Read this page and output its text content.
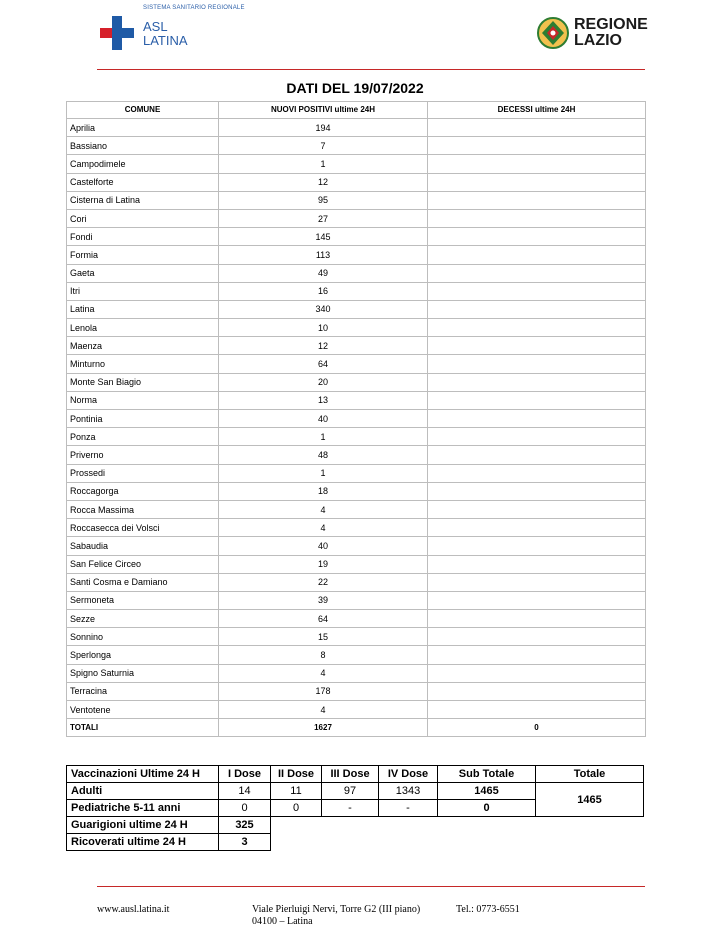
SISTEMA SANITARIO REGIONALE
ASL
LATINA
REGIONE
LAZIO
DATI DEL 19/07/2022
COMUNE	NUOVI POSITIVI ultime 24H	DECESSI ultime 24H
Aprilia	194	
Bassiano	7	
Campodimele	1	
Castelforte	12	
Cisterna di Latina	95	
Cori	27	
Fondi	145	
Formia	113	
Gaeta	49	
Itri	16	
Latina	340	
Lenola	10	
Maenza	12	
Minturno	64	
Monte San Biagio	20	
Norma	13	
Pontinia	40	
Ponza	1	
Priverno	48	
Prossedi	1	
Roccagorga	18	
Rocca Massima	4	
Roccasecca dei Volsci	4	
Sabaudia	40	
San Felice Circeo	19	
Santi Cosma e Damiano	22	
Sermoneta	39	
Sezze	64	
Sonnino	15	
Sperlonga	8	
Spigno Saturnia	4	
Terracina	178	
Ventotene	4	
TOTALI	1627	0
Vaccinazioni Ultime 24 H	I Dose	II Dose	III Dose	IV Dose	Sub Totale	Totale
Adulti	14	11	97	1343	1465	1465
Pediatriche 5-11 anni	0	0	-	-	0	
Guarigioni ultime 24 H	325					
Ricoverati ultime 24 H	3					
www.ausl.latina.it	Viale Pierluigi Nervi, Torre G2 (III piano)
04100 – Latina
Tel.: 0773-6551
